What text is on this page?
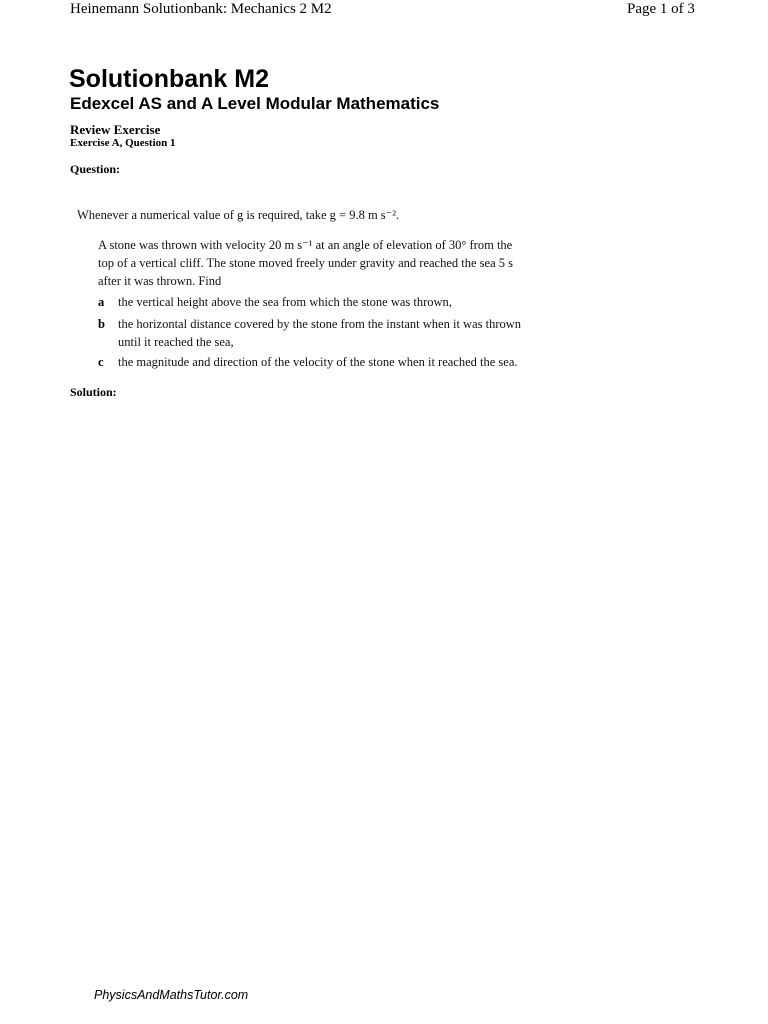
Heinemann Solutionbank: Mechanics 2 M2	Page 1 of 3
Solutionbank M2
Edexcel AS and A Level Modular Mathematics
Review Exercise
Exercise A, Question 1
Question:
Whenever a numerical value of g is required, take g = 9.8 m s⁻².
A stone was thrown with velocity 20 m s⁻¹ at an angle of elevation of 30° from the
top of a vertical cliff. The stone moved freely under gravity and reached the sea 5 s
after it was thrown. Find
a the vertical height above the sea from which the stone was thrown,
b the horizontal distance covered by the stone from the instant when it was thrown
until it reached the sea,
c the magnitude and direction of the velocity of the stone when it reached the sea.
Solution:
PhysicsAndMathsTutor.com
